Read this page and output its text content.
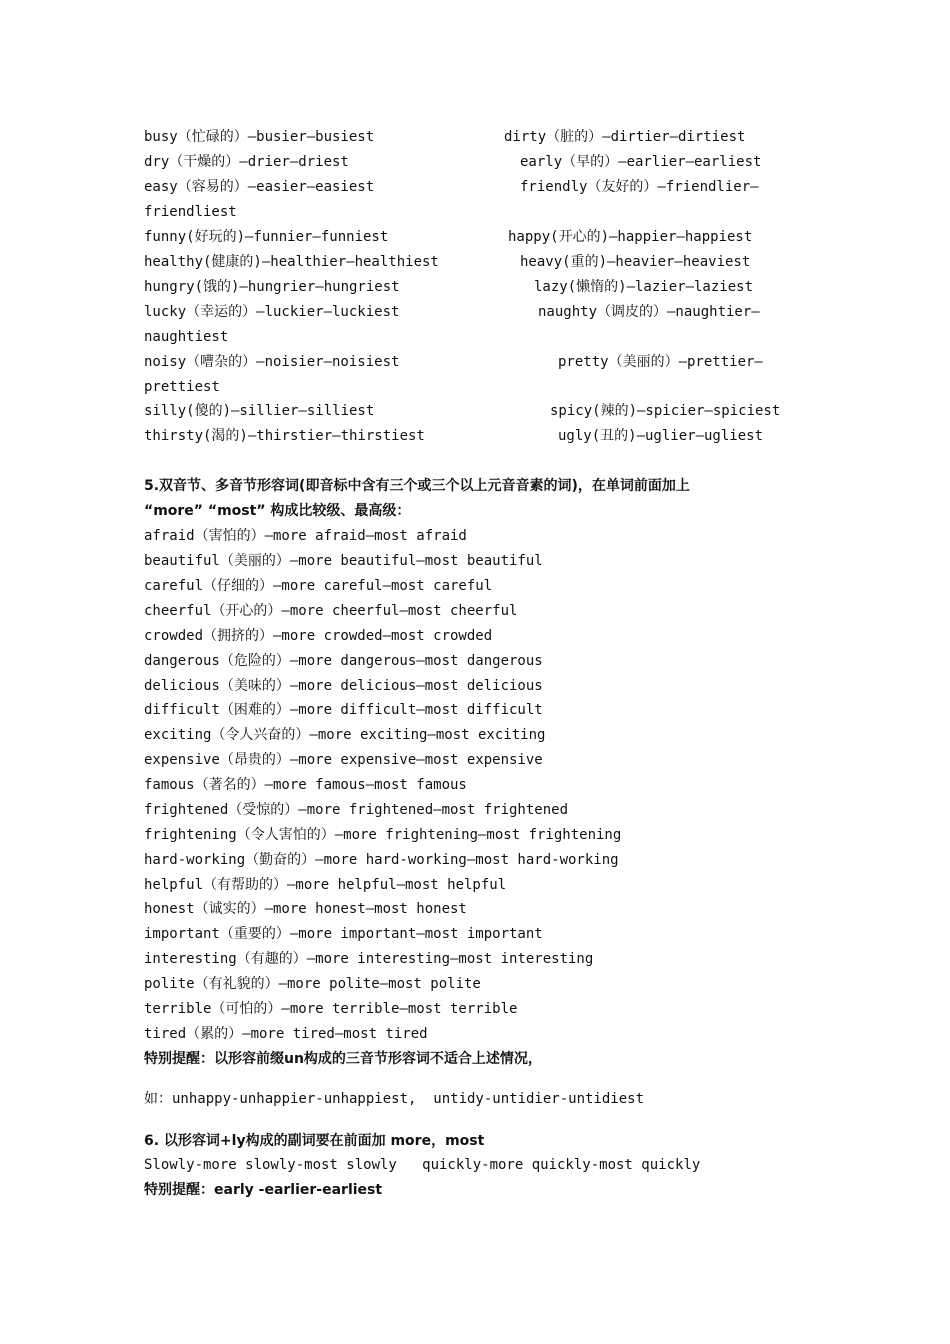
busy（忙碌的）—busier—busiest	dirty（脏的）—dirtier—dirtiest
dry（干燥的）—drier—driest	early（早的）—earlier—earliest
easy（容易的）—easier—easiest	friendly（友好的）—friendlier—
friendliest
funny(好玩的)—funnier—funniest	happy(开心的)—happier—happiest
healthy(健康的)—healthier—healthiest	heavy(重的)—heavier—heaviest
hungry(饿的)—hungrier—hungriest	lazy(懒惰的)—lazier—laziest
lucky（幸运的）—luckier—luckiest	naughty（调皮的）—naughtier—
naughtiest
noisy（嘈杂的）—noisier—noisiest	pretty（美丽的）—prettier—
prettiest
silly(傻的)—sillier—silliest	spicy(辣的)—spicier—spiciest
thirsty(渴的)—thirstier—thirstiest	ugly(丑的)—uglier—ugliest
5.双音节、多音节形容词(即音标中含有三个或三个以上元音音素的词)，在单词前面加上
“more” “most” 构成比较级、最高级：
afraid（害怕的）—more afraid—most afraid
beautiful（美丽的）—more beautiful—most beautiful
careful（仔细的）—more careful—most careful
cheerful（开心的）—more cheerful—most cheerful
crowded（拥挤的）—more crowded—most crowded
dangerous（危险的）—more dangerous—most dangerous
delicious（美味的）—more delicious—most delicious
difficult（困难的）—more difficult—most difficult
exciting（令人兴奋的）—more exciting—most exciting
expensive（昂贵的）—more expensive—most expensive
famous（著名的）—more famous—most famous
frightened（受惊的）—more frightened—most frightened
frightening（令人害怕的）—more frightening—most frightening
hard-working（勤奋的）—more hard-working—most hard-working
helpful（有帮助的）—more helpful—most helpful
honest（诚实的）—more honest—most honest
important（重要的）—more important—most important
interesting（有趣的）—more interesting—most interesting
polite（有礼貌的）—more polite—most polite
terrible（可怕的）—more terrible—most terrible
tired（累的）—more tired—most tired
特别提醒：以形容前缀un构成的三音节形容词不适合上述情况，
如：unhappy-unhappier-unhappiest,  untidy-untidier-untidiest
6. 以形容词+ly构成的副词要在前面加 more，most
Slowly-more slowly-most slowly   quickly-more quickly-most quickly
特别提醒：early -earlier-earliest
